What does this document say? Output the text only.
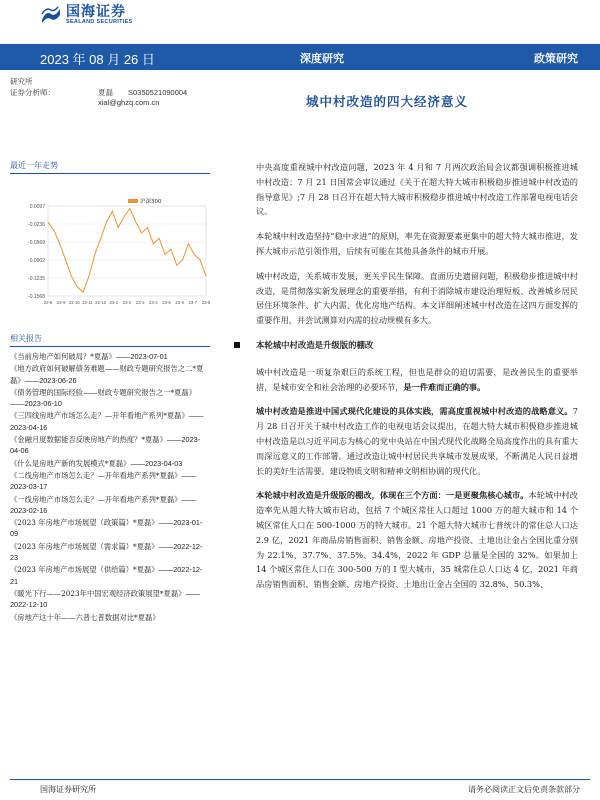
国海证券
SEALAND SECURITIES
2023 年 08 月 26 日	深度研究	政策研究
研究所
证券分析师：	夏磊 S0350521090004
xial@ghzq.com.cn	城中村改造的四大经济意义
最近一年走势
0.0097
-0.0236
-0.0569
-0.0902
-0.1235
-0.1568
22-8 22-9 22-10 22-11 22-12 23-1 23-2 23-3 23-4 23-5 23-6 23-7 23-8
沪深300
相关报告
《当前房地产如何破局？*夏磊》——2023-07-01
《地方政府如何破解债务难题——财政专题研究报告之二*夏磊》——2023-06-26
《债务管理的国际经验——财政专题研究报告之一*夏磊》——2023-06-10
《三四线房地产市场怎么走？—开年看地产系列*夏磊》——2023-04-16
《金融月度数据能否反映房地产的热度？*夏磊》——2023-04-06
《什么是房地产新的发展模式*夏磊》——2023-04-03
《二线房地产市场怎么走？—开年看地产系列*夏磊》——2023-03-17
《一线房地产市场怎么走？—开年看地产系列*夏磊》——2023-02-16
《2023 年房地产市场展望（政策篇）*夏磊》——2023-01-09
《2023 年房地产市场展望（需求篇）*夏磊》——2022-12-23
《2023 年房地产市场展望（供给篇）*夏磊》——2022-12-21
《暖光下行——2023年中国宏观经济政策展望*夏磊》——2022-12-10
《房地产这十年——六普七普数据对比*夏磊》
中央高度重视城中村改造问题，2023 年 4 月和 7 月两次政治局会议都强调积极推进城中村改造；7 月 21 日国常会审议通过《关于在超大特大城市积极稳步推进城中村改造的指导意见》;7 月 28 日召开在超大特大城市积极稳步推进城中村改造工作部署电视电话会议。
本轮城中村改造坚持“稳中求进”的原则，率先在资源要素更集中的超大特大城市推进，发挥大城市示范引领作用，后续有可能在其他具备条件的城市开展。
城中村改造，关系城市发展，更关乎民生保障。直面历史遗留问题，积极稳步推进城中村改造，是贯彻落实新发展理念的重要举措，有利于消除城市建设治理短板、改善城乡居民居住环境条件、扩大内需、优化房地产结构。本文详细阐述城中村改造在这四方面发挥的重要作用，并尝试测算对内需的拉动规模有多大。
本轮城中村改造是升级版的棚改
城中村改造是一项复杂艰巨的系统工程，但也是群众的迫切需要，是改善民生的重要举措，是城市安全和社会治理的必要环节，是一件难而正确的事。
城中村改造是推进中国式现代化建设的具体实践，需高度重视城中村改造的战略意义。7 月 28 日召开关于城中村改造工作的电视电话会议提出，在超大特大城市积极稳步推进城中村改造是以习近平同志为核心的党中央站在中国式现代化战略全局高度作出的具有重大而深远意义的工作部署。通过改造让城中村居民共享城市发展成果，不断满足人民日益增长的美好生活需要，建设物质文明和精神文明相协调的现代化。
本轮城中村改造是升级版的棚改，体现在三个方面：一是更聚焦核心城市。本轮城中村改造率先从超大特大城市启动，包括 7 个城区常住人口超过 1000 万的超大城市和 14 个城区常住人口在 500-1000 万的特大城市。21 个超大特大城市七普统计的常住总人口达 2.9 亿，2021 年商品房销售面积、销售金额、房地产投资、土地出让金占全国比重分别为 22.1%、37.7%、37.5%、34.4%，2022 年 GDP 总量是全国的 32%。如果加上 14 个城区常住人口在 300-500 万的 I 型大城市，35 城常住总人口达 4 亿，2021 年商品房销售面积、销售金额、房地产投资、土地出让金占全国的 32.8%、50.3%、
国海证券研究所	请务必阅读正文后免责条款部分
